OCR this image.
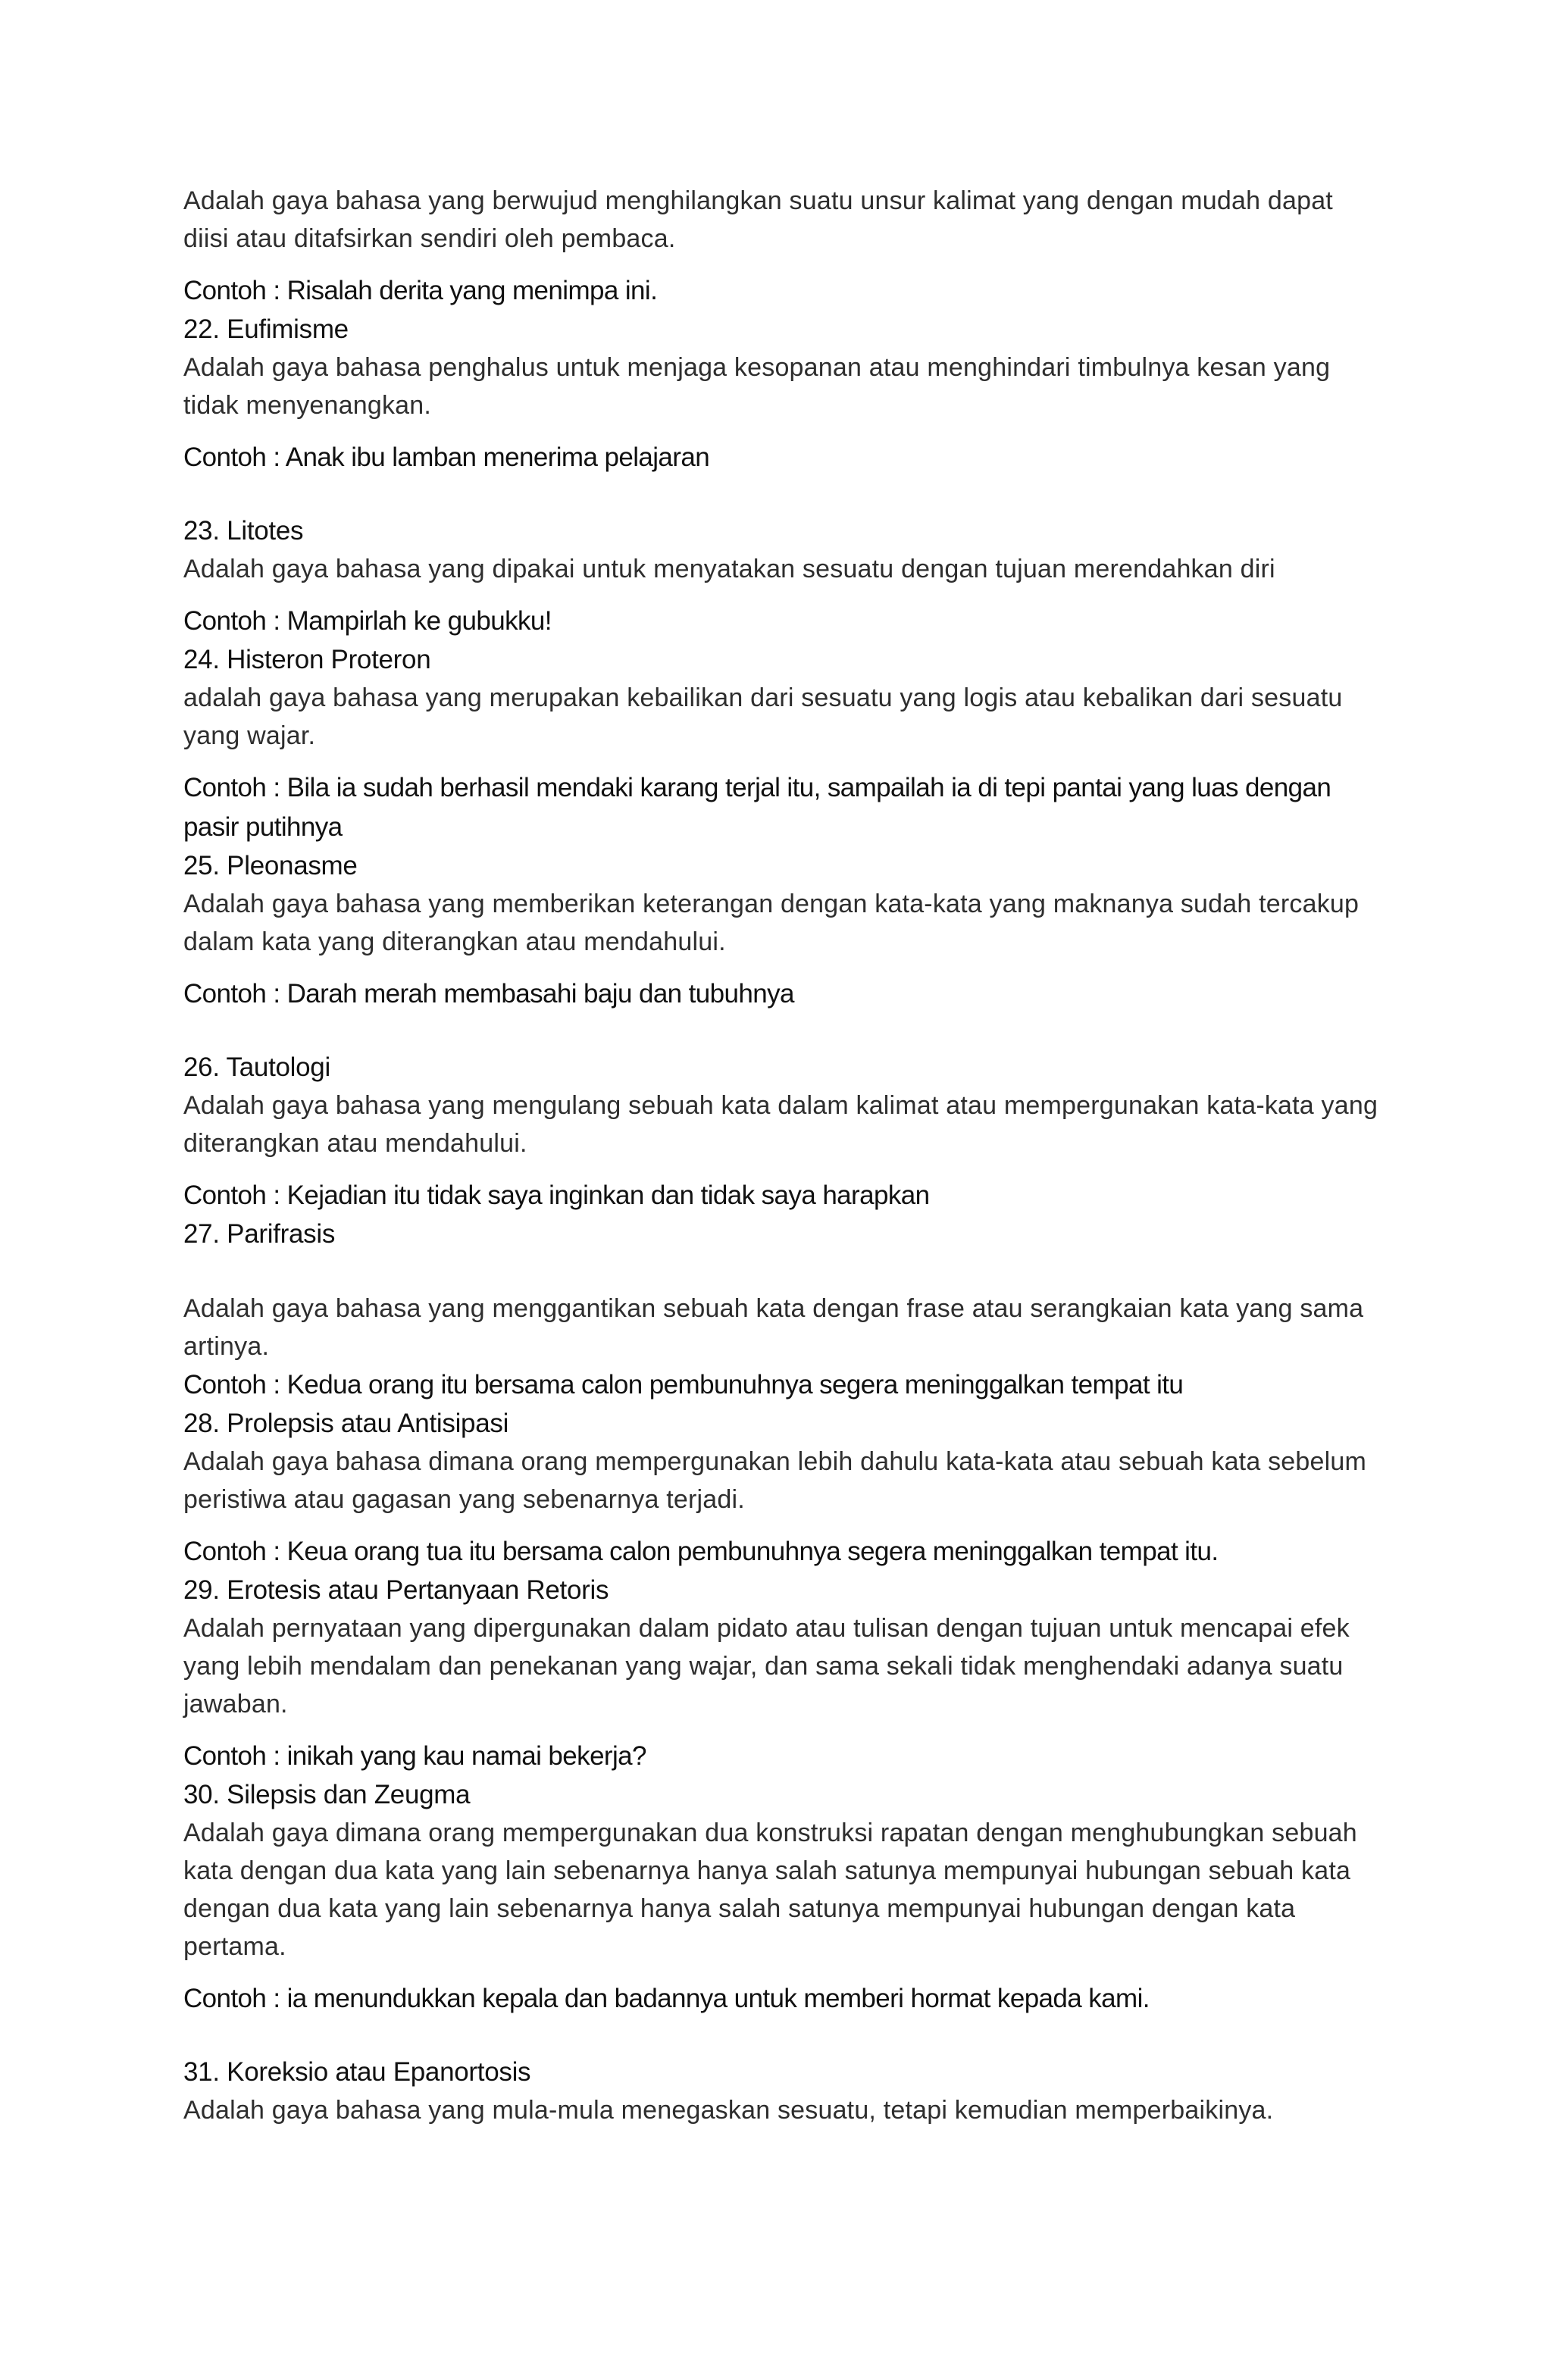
Adalah gaya bahasa yang berwujud menghilangkan suatu unsur kalimat yang dengan mudah dapat diisi atau ditafsirkan sendiri oleh pembaca.

Contoh : Risalah derita yang menimpa ini.

22. Eufimisme

Adalah gaya bahasa penghalus untuk menjaga kesopanan atau menghindari timbulnya kesan yang tidak menyenangkan.

Contoh : Anak ibu lamban menerima pelajaran

23. Litotes

Adalah gaya bahasa yang dipakai untuk menyatakan sesuatu dengan tujuan merendahkan diri

Contoh : Mampirlah ke gubukku!

24. Histeron Proteron

adalah gaya bahasa yang merupakan kebailikan dari sesuatu yang logis atau kebalikan dari sesuatu yang wajar.

Contoh : Bila ia sudah berhasil mendaki karang terjal itu, sampailah ia di tepi pantai yang luas dengan pasir putihnya

25. Pleonasme

Adalah gaya bahasa yang memberikan keterangan dengan kata-kata yang maknanya sudah tercakup dalam kata yang diterangkan atau mendahului.

Contoh : Darah merah membasahi baju dan tubuhnya

26. Tautologi

Adalah gaya bahasa yang mengulang sebuah kata dalam kalimat atau mempergunakan kata-kata yang diterangkan atau mendahului.

Contoh : Kejadian itu tidak saya inginkan dan tidak saya harapkan

27. Parifrasis

Adalah gaya bahasa yang menggantikan sebuah kata dengan frase atau serangkaian kata yang sama artinya.

Contoh : Kedua orang itu bersama calon pembunuhnya segera meninggalkan tempat itu

28. Prolepsis atau Antisipasi

Adalah gaya bahasa dimana orang mempergunakan lebih dahulu kata-kata atau sebuah kata sebelum peristiwa atau gagasan yang sebenarnya terjadi.

Contoh : Keua orang tua itu bersama calon pembunuhnya segera meninggalkan tempat itu.

29. Erotesis atau Pertanyaan Retoris

Adalah pernyataan yang dipergunakan dalam pidato atau tulisan dengan tujuan untuk mencapai efek yang lebih mendalam dan penekanan yang wajar, dan sama sekali tidak menghendaki adanya suatu jawaban.

Contoh : inikah yang kau namai bekerja?

30. Silepsis dan Zeugma

Adalah gaya dimana orang mempergunakan dua konstruksi rapatan dengan menghubungkan sebuah kata dengan dua kata yang lain sebenarnya hanya salah satunya mempunyai hubungan sebuah kata dengan dua kata yang lain sebenarnya hanya salah satunya mempunyai hubungan dengan kata pertama.

Contoh : ia menundukkan kepala dan badannya untuk memberi hormat kepada kami.

31. Koreksio atau Epanortosis

Adalah gaya bahasa yang mula-mula menegaskan sesuatu, tetapi kemudian memperbaikinya.
